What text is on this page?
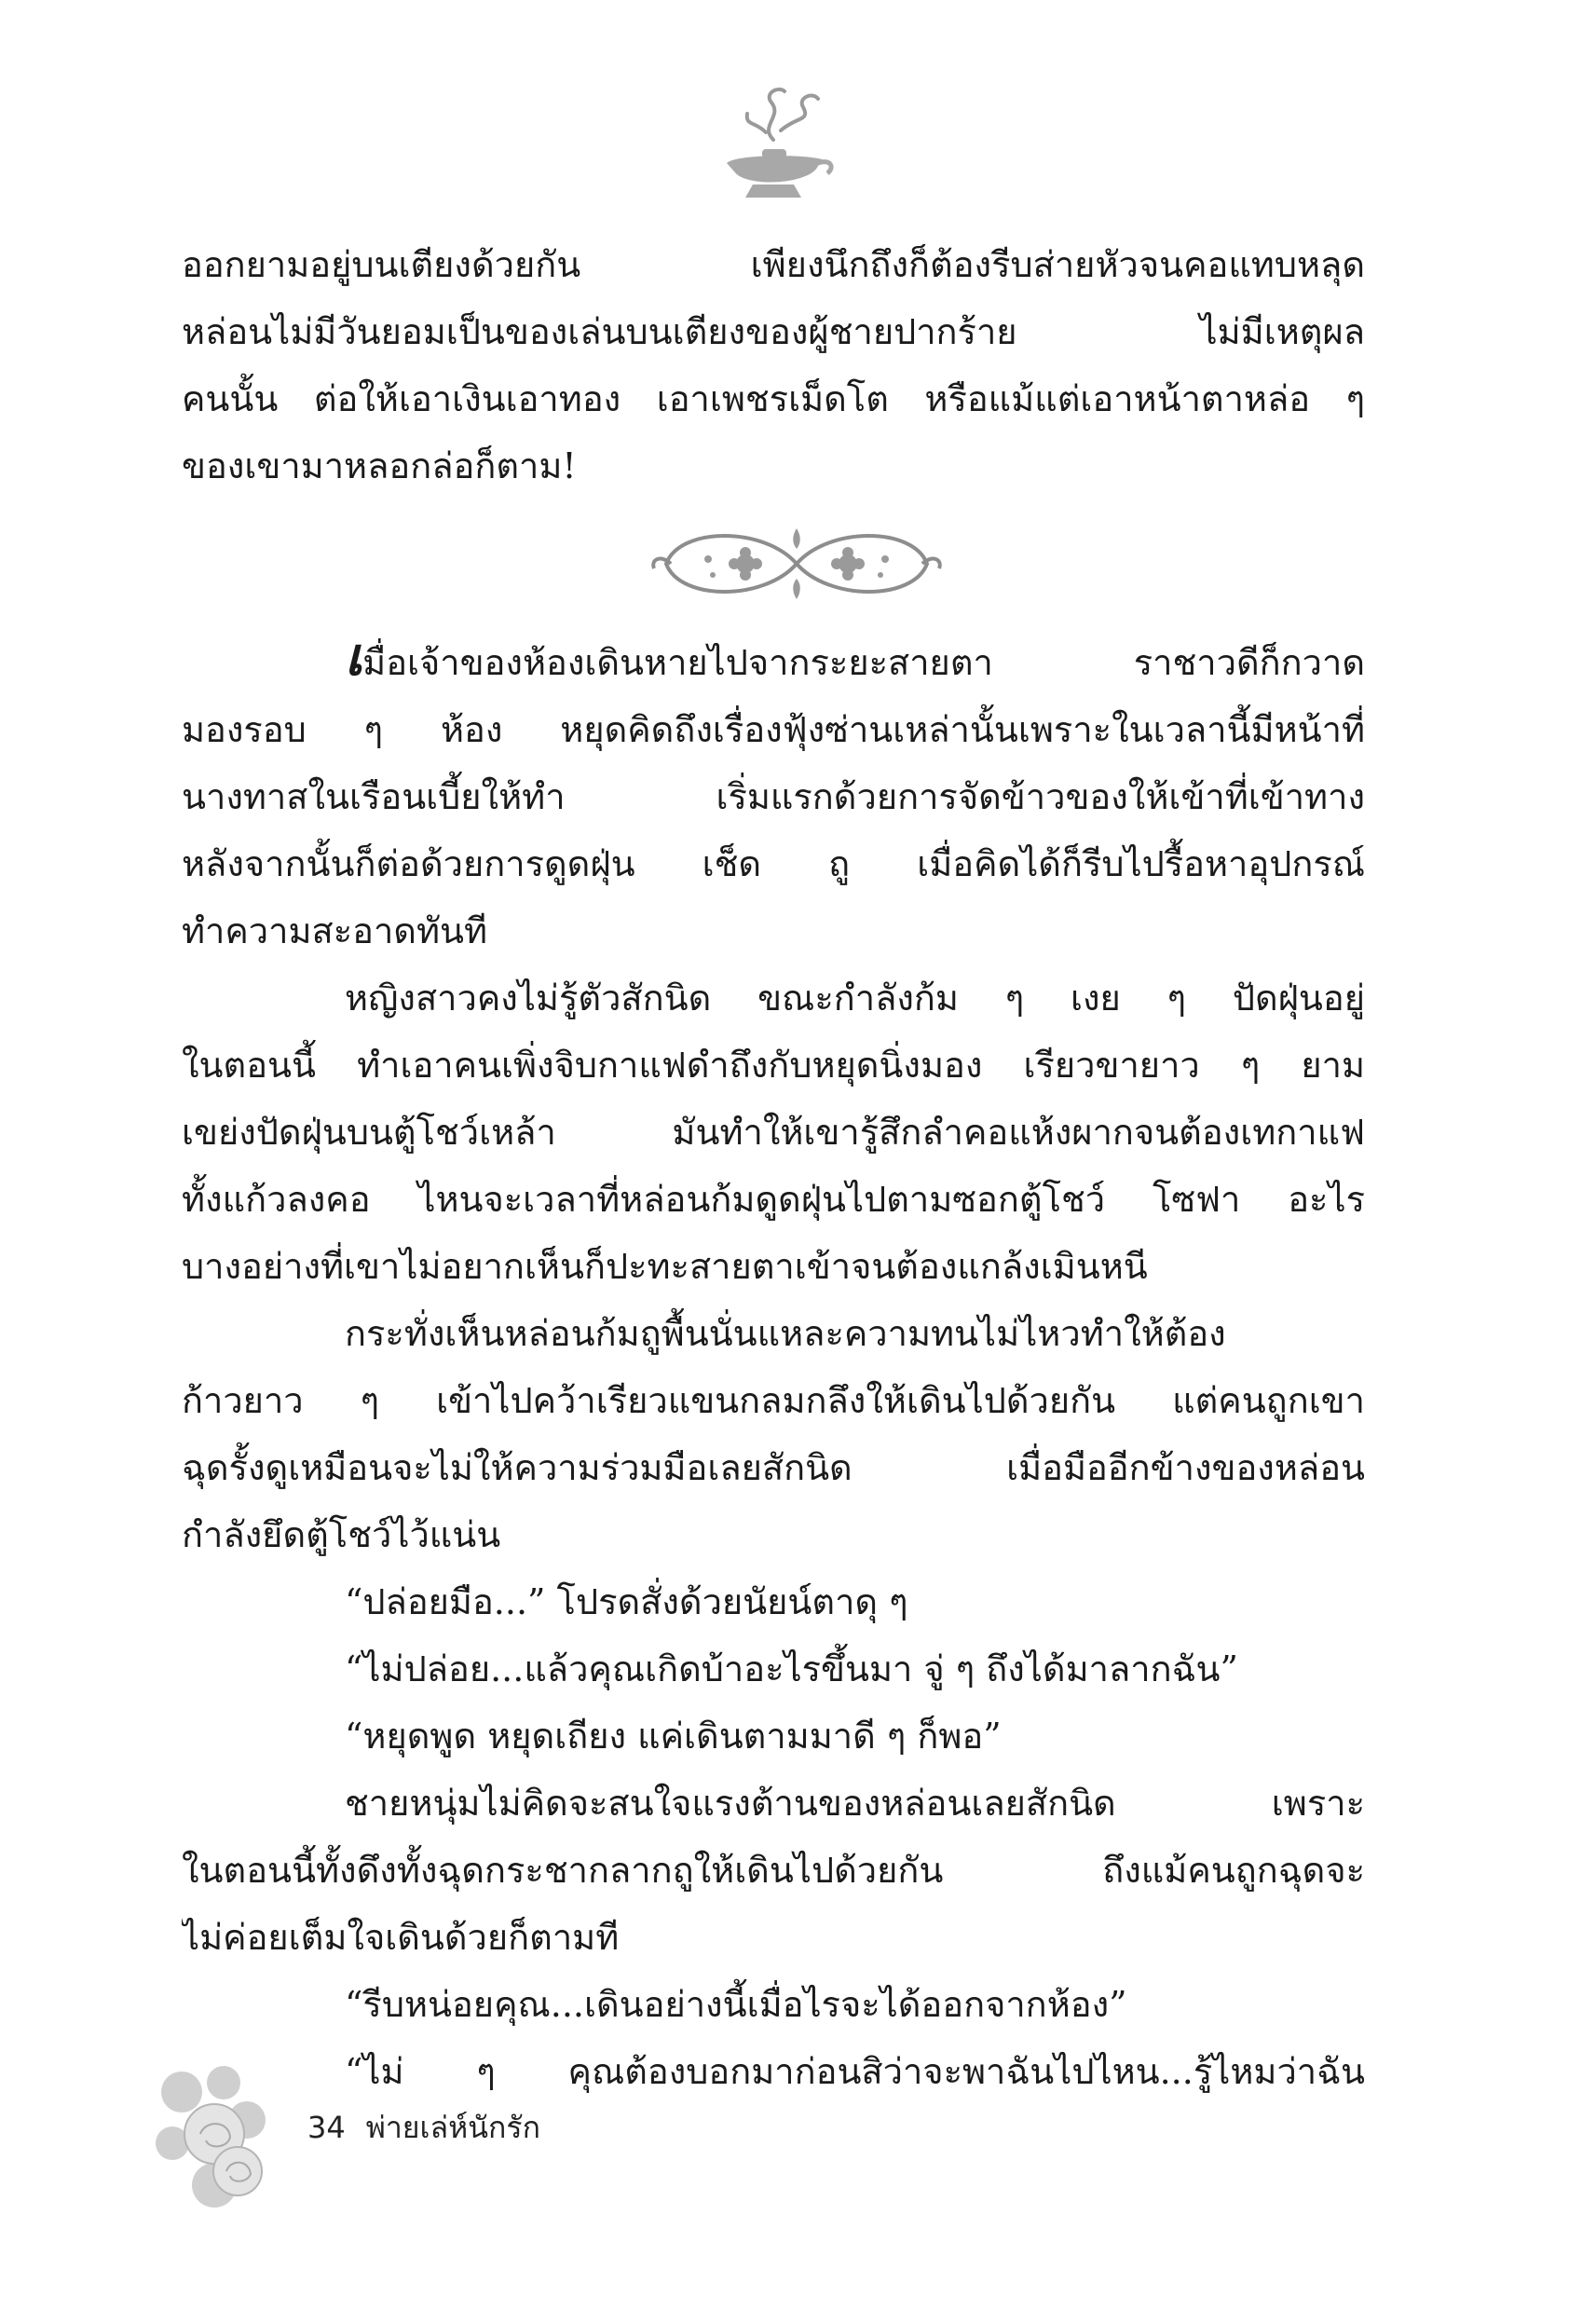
ออกยามอยู่บนเตียงด้วยกัน เพียงนึกถึงก็ต้องรีบส่ายหัวจนคอแทบหลุด
หล่อนไม่มีวันยอมเป็นของเล่นบนเตียงของผู้ชายปากร้าย ไม่มีเหตุผล
คนนั้น ต่อให้เอาเงินเอาทอง เอาเพชรเม็ดโต หรือแม้แต่เอาหน้าตาหล่อ ๆ
ของเขามาหลอกล่อก็ตาม!
เมื่อเจ้าของห้องเดินหายไปจากระยะสายตา ราชาวดีก็กวาด
มองรอบ ๆ ห้อง หยุดคิดถึงเรื่องฟุ้งซ่านเหล่านั้นเพราะในเวลานี้มีหน้าที่
นางทาสในเรือนเบี้ยให้ทำ เริ่มแรกด้วยการจัดข้าวของให้เข้าที่เข้าทาง
หลังจากนั้นก็ต่อด้วยการดูดฝุ่น เช็ด ถู เมื่อคิดได้ก็รีบไปรื้อหาอุปกรณ์
ทำความสะอาดทันที
หญิงสาวคงไม่รู้ตัวสักนิด ขณะกำลังก้ม ๆ เงย ๆ ปัดฝุ่นอยู่
ในตอนนี้ ทำเอาคนเพิ่งจิบกาแฟดำถึงกับหยุดนิ่งมอง เรียวขายาว ๆ ยาม
เขย่งปัดฝุ่นบนตู้โชว์เหล้า มันทำให้เขารู้สึกลำคอแห้งผากจนต้องเทกาแฟ
ทั้งแก้วลงคอ ไหนจะเวลาที่หล่อนก้มดูดฝุ่นไปตามซอกตู้โชว์ โซฟา อะไร
บางอย่างที่เขาไม่อยากเห็นก็ปะทะสายตาเข้าจนต้องแกล้งเมินหนี
กระทั่งเห็นหล่อนก้มถูพื้นนั่นแหละความทนไม่ไหวทำให้ต้อง
ก้าวยาว ๆ เข้าไปคว้าเรียวแขนกลมกลึงให้เดินไปด้วยกัน แต่คนถูกเขา
ฉุดรั้งดูเหมือนจะไม่ให้ความร่วมมือเลยสักนิด เมื่อมืออีกข้างของหล่อน
กำลังยึดตู้โชว์ไว้แน่น
“ปล่อยมือ...” โปรดสั่งด้วยนัยน์ตาดุ ๆ
“ไม่ปล่อย...แล้วคุณเกิดบ้าอะไรขึ้นมา จู่ ๆ ถึงได้มาลากฉัน”
“หยุดพูด หยุดเถียง แค่เดินตามมาดี ๆ ก็พอ”
ชายหนุ่มไม่คิดจะสนใจแรงต้านของหล่อนเลยสักนิด เพราะ
ในตอนนี้ทั้งดึงทั้งฉุดกระชากลากถูให้เดินไปด้วยกัน ถึงแม้คนถูกฉุดจะ
ไม่ค่อยเต็มใจเดินด้วยก็ตามที
“รีบหน่อยคุณ...เดินอย่างนี้เมื่อไรจะได้ออกจากห้อง”
“ไม่ ๆ คุณต้องบอกมาก่อนสิว่าจะพาฉันไปไหน...รู้ไหมว่าฉัน
34 พ่ายเล่ห์นักรัก
